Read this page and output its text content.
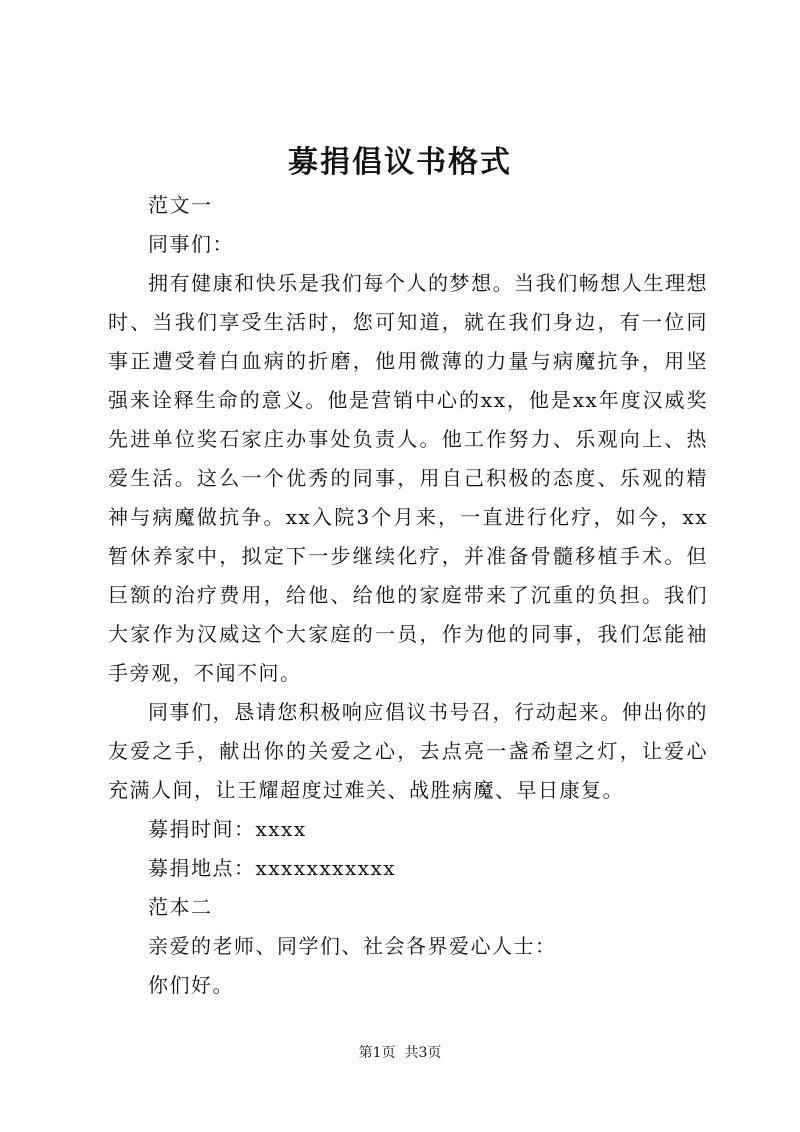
募捐倡议书格式

范文一

同事们：

拥有健康和快乐是我们每个人的梦想。当我们畅想人生理想时、当我们享受生活时，您可知道，就在我们身边，有一位同事正遭受着白血病的折磨，他用微薄的力量与病魔抗争，用坚强来诠释生命的意义。他是营销中心的xx，他是xx年度汉威奖先进单位奖石家庄办事处负责人。他工作努力、乐观向上、热爱生活。这么一个优秀的同事，用自己积极的态度、乐观的精神与病魔做抗争。xx入院3个月来，一直进行化疗，如今，xx暂休养家中，拟定下一步继续化疗，并准备骨髓移植手术。但巨额的治疗费用，给他、给他的家庭带来了沉重的负担。我们大家作为汉威这个大家庭的一员，作为他的同事，我们怎能袖手旁观，不闻不问。

同事们，恳请您积极响应倡议书号召，行动起来。伸出你的友爱之手，献出你的关爱之心，去点亮一盏希望之灯，让爱心充满人间，让王耀超度过难关、战胜病魔、早日康复。

募捐时间：xxxx

募捐地点：xxxxxxxxxxx

范本二

亲爱的老师、同学们、社会各界爱心人士：

你们好。

第1页  共3页
